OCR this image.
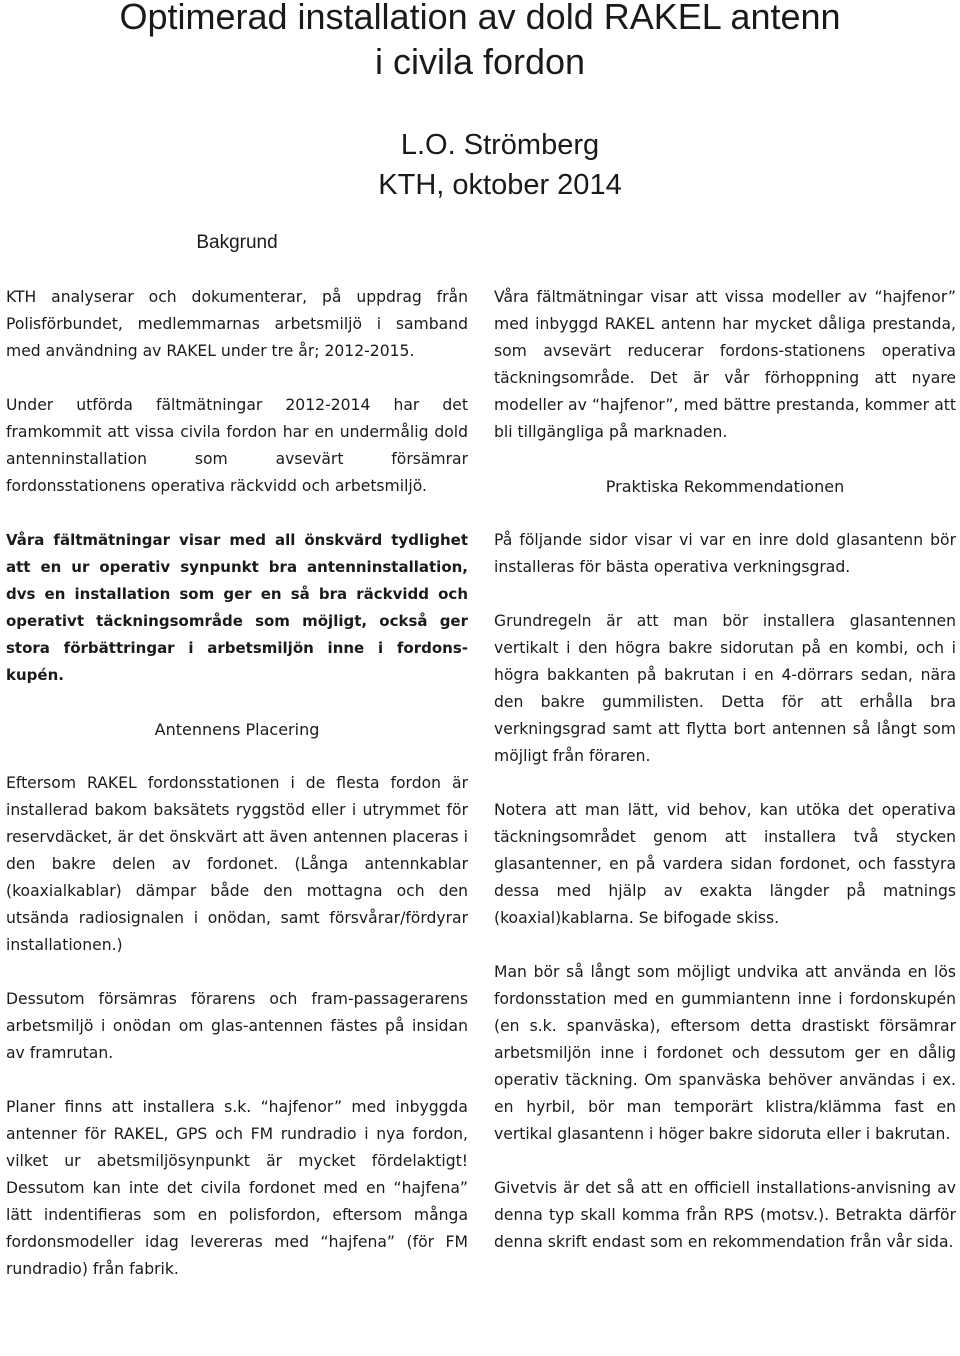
Optimerad installation av dold RAKEL antenn
i civila fordon
L.O. Strömberg
KTH, oktober 2014
Bakgrund

KTH analyserar och dokumenterar, på uppdrag från Polisförbundet, medlemmarnas arbetsmiljö i samband med användning av RAKEL under tre år; 2012-2015.

Under utförda fältmätningar 2012-2014 har det framkommit att vissa civila fordon har en undermålig dold antenninstallation som avsevärt försämrar fordonsstationens operativa räckvidd och arbetsmiljö.

Våra fältmätningar visar med all önskvärd tydlighet att en ur operativ synpunkt bra antenninstallation, dvs en installation som ger en så bra räckvidd och operativt täckningsområde som möjligt, också ger stora förbättringar i arbetsmiljön inne i fordons-kupén.

Antennens Placering

Eftersom RAKEL fordonsstationen i de flesta fordon är installerad bakom baksätets ryggstöd eller i utrymmet för reservdäcket, är det önskvärt att även antennen placeras i den bakre delen av fordonet. (Långa antennkablar (koaxialkablar) dämpar både den mottagna och den utsända radiosignalen i onödan, samt försvårar/fördyrar installationen.)

Dessutom försämras förarens och fram-passagerarens arbetsmiljö i onödan om glas-antennen fästes på insidan av framrutan.

Planer finns att installera s.k. “hajfenor” med inbyggda antenner för RAKEL, GPS och FM rundradio i nya fordon, vilket ur abetsmiljösynpunkt är mycket fördelaktigt! Dessutom kan inte det civila fordonet med en “hajfena” lätt indentifieras som en polisfordon, eftersom många fordonsmodeller idag levereras med “hajfena” (för FM rundradio) från fabrik.

Våra fältmätningar visar att vissa modeller av “hajfenor” med inbyggd RAKEL antenn har mycket dåliga prestanda, som avsevärt reducerar fordons-stationens operativa täckningsområde. Det är vår förhoppning att nyare modeller av “hajfenor”, med bättre prestanda, kommer att bli tillgängliga på marknaden.

Praktiska Rekommendationen

På följande sidor visar vi var en inre dold glasantenn bör installeras för bästa operativa verkningsgrad.

Grundregeln är att man bör installera glasantennen vertikalt i den högra bakre sidorutan på en kombi, och i högra bakkanten på bakrutan i en 4-dörrars sedan, nära den bakre gummilisten. Detta för att erhålla bra verkningsgrad samt att flytta bort antennen så långt som möjligt från föraren.

Notera att man lätt, vid behov, kan utöka det operativa täckningsområdet genom att installera två stycken glasantenner, en på vardera sidan fordonet, och fasstyra dessa med hjälp av exakta längder på matnings (koaxial)kablarna. Se bifogade skiss.

Man bör så långt som möjligt undvika att använda en lös fordonsstation med en gummiantenn inne i fordonskupén (en s.k. spanväska), eftersom detta drastiskt försämrar arbetsmiljön inne i fordonet och dessutom ger en dålig operativ täckning. Om spanväska behöver användas i ex. en hyrbil, bör man temporärt klistra/klämma fast en vertikal glasantenn i höger bakre sidoruta eller i bakrutan.

Givetvis är det så att en officiell installations-anvisning av denna typ skall komma från RPS (motsv.). Betrakta därför denna skrift endast som en rekommendation från vår sida.
